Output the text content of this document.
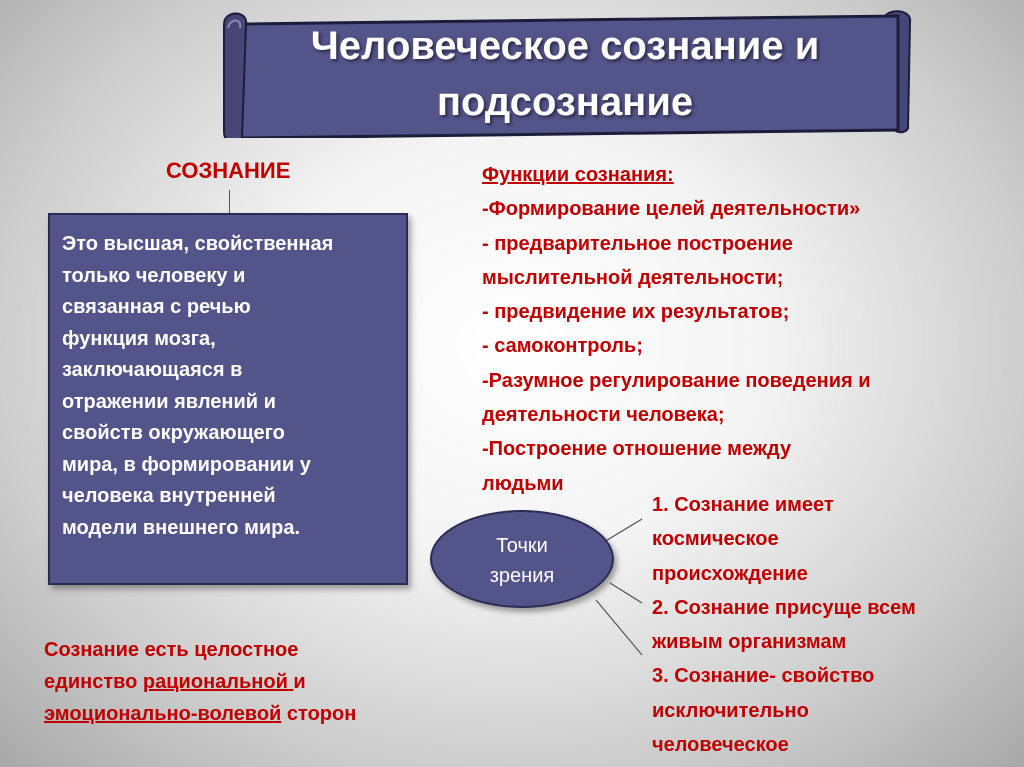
Человеческое сознание и
подсознание
СОЗНАНИЕ
Это высшая, свойственная
только человеку и
связанная с речью
функция мозга,
заключающаяся в
отражении явлений и
свойств окружающего
мира, в формировании у
человека внутренней
модели внешнего мира.
Функции сознания:
-Формирование целей деятельности»
- предварительное построение
мыслительной деятельности;
- предвидение их результатов;
- самоконтроль;
-Разумное регулирование поведения и
деятельности человека;
-Построение отношение между
людьми
Точки
зрения
1. Сознание имеет
космическое
происхождение
2. Сознание присуще всем
живым организмам
3. Сознание- свойство
исключительно
человеческое
Сознание есть целостное
единство рациональной и
эмоционально-волевой сторон
